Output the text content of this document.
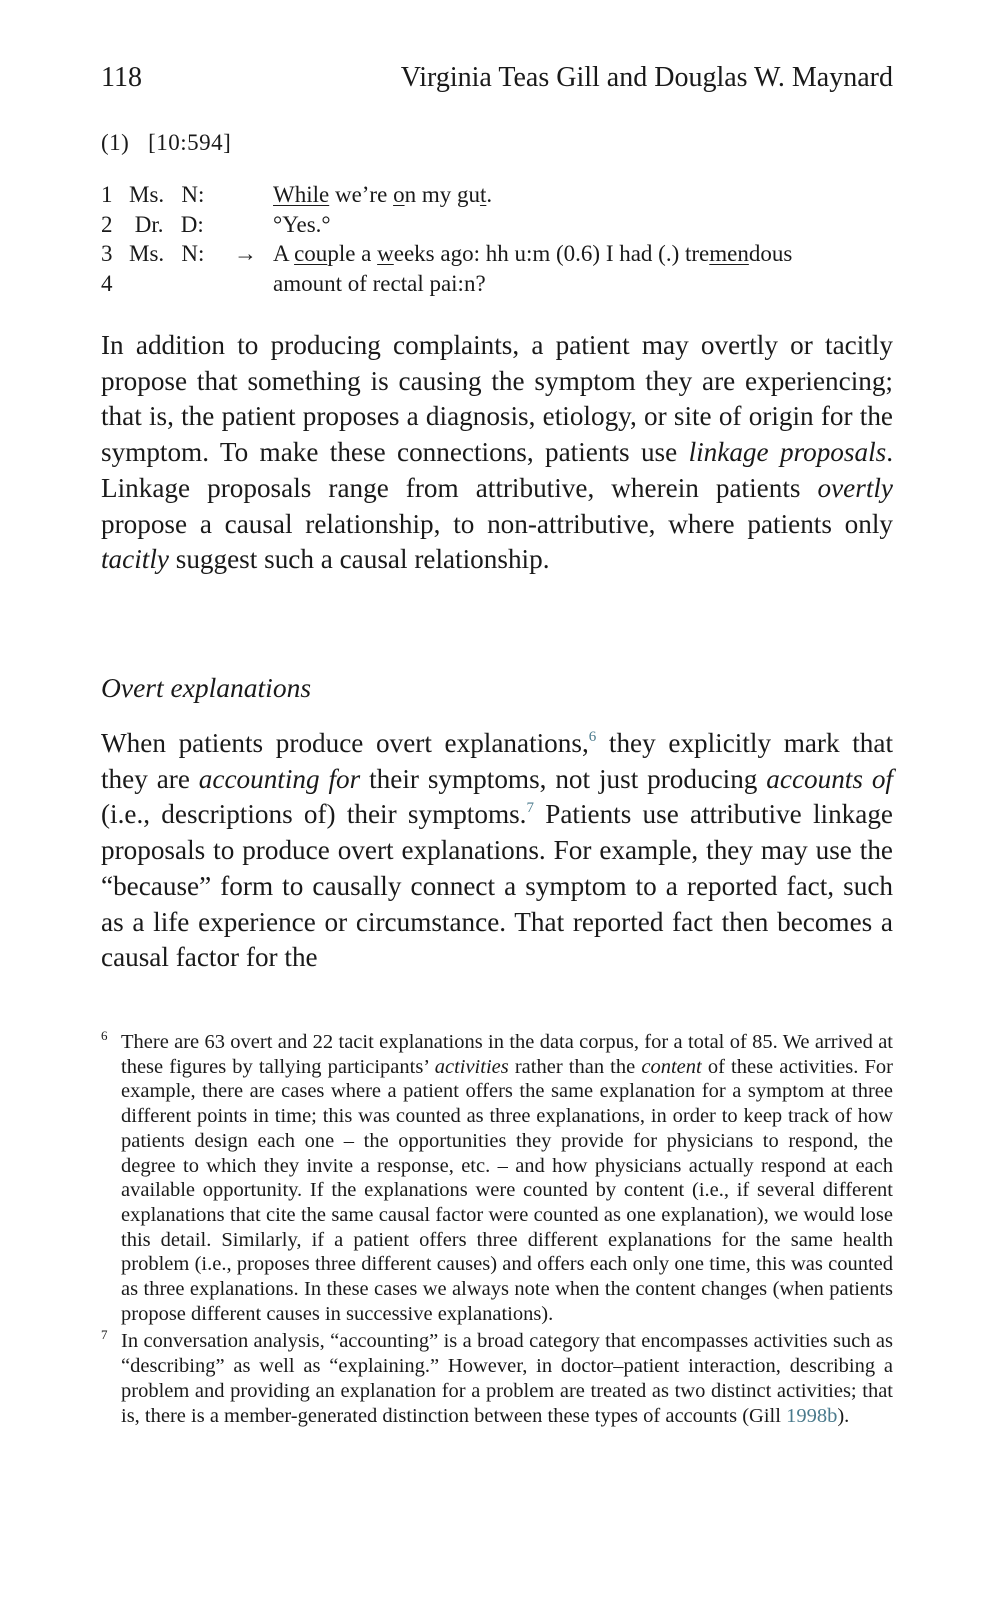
118	Virginia Teas Gill and Douglas W. Maynard
(1)   [10:594]
1 Ms.   N:	While we’re on my gut.
2 Dr.   D:	°Yes.°
3 Ms.   N: → A couple a weeks ago: hh u:m (0.6) I had (.) tremendous
4	amount of rectal pai:n?

In addition to producing complaints, a patient may overtly or tacitly propose that something is causing the symptom they are experiencing; that is, the patient proposes a diagnosis, etiology, or site of origin for the symptom. To make these connections, patients use linkage proposals. Linkage proposals range from attributive, wherein patients overtly propose a causal relationship, to non-attributive, where patients only tacitly suggest such a causal relationship.

Overt explanations

When patients produce overt explanations,$^6$ they explicitly mark that they are accounting for their symptoms, not just producing accounts of (i.e., descriptions of) their symptoms.$^7$ Patients use attributive linkage proposals to produce overt explanations. For example, they may use the “because” form to causally connect a symptom to a reported fact, such as a life experience or circumstance. That reported fact then becomes a causal factor for the

6 There are 63 overt and 22 tacit explanations in the data corpus, for a total of 85. We arrived at these figures by tallying participants’ activities rather than the content of these activities. For example, there are cases where a patient offers the same explanation for a symptom at three different points in time; this was counted as three explanations, in order to keep track of how patients design each one – the opportunities they provide for physicians to respond, the degree to which they invite a response, etc. – and how physicians actually respond at each available opportunity. If the explanations were counted by content (i.e., if several different explanations that cite the same causal factor were counted as one explanation), we would lose this detail. Similarly, if a patient offers three different explanations for the same health problem (i.e., proposes three different causes) and offers each only one time, this was counted as three explanations. In these cases we always note when the content changes (when patients propose different causes in successive explanations).

7 In conversation analysis, “accounting” is a broad category that encompasses activities such as “describing” as well as “explaining.” However, in doctor–patient interaction, describing a problem and providing an explanation for a problem are treated as two distinct activities; that is, there is a member-generated distinction between these types of accounts (Gill 1998b).
